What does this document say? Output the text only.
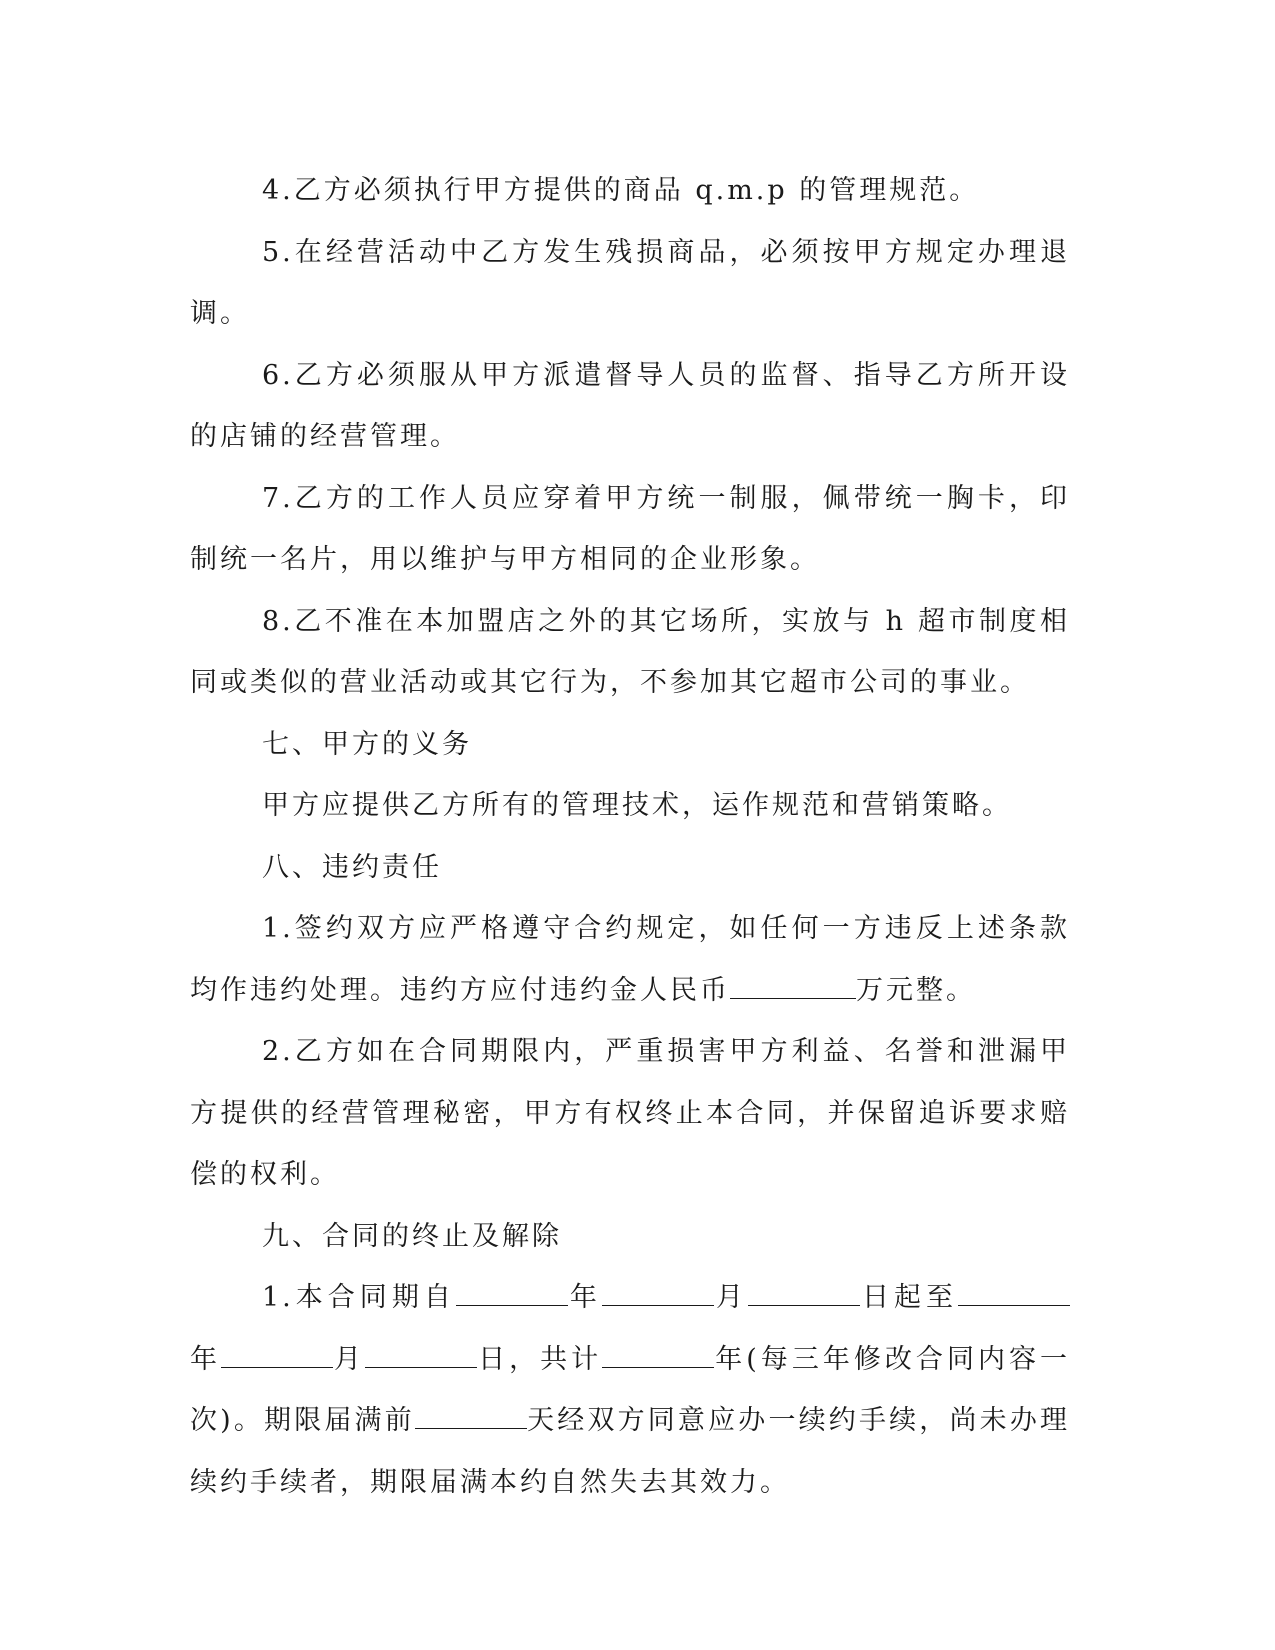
4.乙方必须执行甲方提供的商品 q.m.p 的管理规范。

5.在经营活动中乙方发生残损商品，必须按甲方规定办理退调。

6.乙方必须服从甲方派遣督导人员的监督、指导乙方所开设的店铺的经营管理。

7.乙方的工作人员应穿着甲方统一制服，佩带统一胸卡，印制统一名片，用以维护与甲方相同的企业形象。

8.乙不准在本加盟店之外的其它场所，实放与 h 超市制度相同或类似的营业活动或其它行为，不参加其它超市公司的事业。

七、甲方的义务

甲方应提供乙方所有的管理技术，运作规范和营销策略。

八、违约责任

1.签约双方应严格遵守合约规定，如任何一方违反上述条款均作违约处理。违约方应付违约金人民币	万元整。

2.乙方如在合同期限内，严重损害甲方利益、名誉和泄漏甲方提供的经营管理秘密，甲方有权终止本合同，并保留追诉要求赔偿的权利。

九、合同的终止及解除

1.本合同期自	年	月	日起至年	月	日，共计	年(每三年修改合同内容一次)。期限届满前	天经双方同意应办一续约手续，尚未办理续约手续者，期限届满本约自然失去其效力。
